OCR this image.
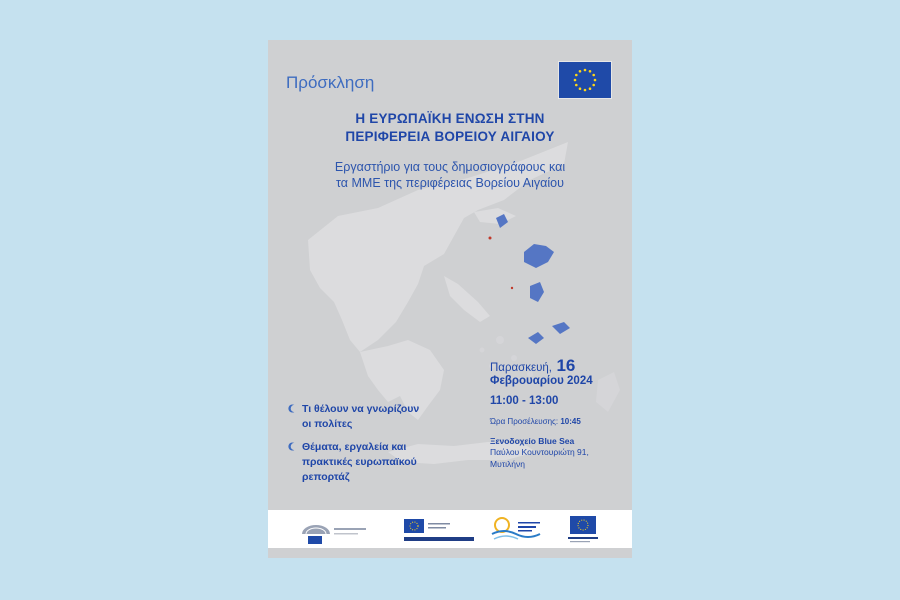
Πρόσκληση
Η ΕΥΡΩΠΑΪΚΗ ΕΝΩΣΗ ΣΤΗΝ
ΠΕΡΙΦΕΡΕΙΑ ΒΟΡΕΙΟΥ ΑΙΓΑΙΟΥ
Εργαστήριο για τους δημοσιογράφους και
τα ΜΜΕ της περιφέρειας Βορείου Αιγαίου
Τι θέλουν να γνωρίζουν
οι πολίτες
Θέματα, εργαλεία και
πρακτικές ευρωπαϊκού
ρεπορτάζ
Παρασκευή, 16
Φεβρουαρίου 2024
11:00 - 13:00
Ώρα Προσέλευσης: 10:45
Ξενοδοχείο Blue Sea
Παύλου Κουντουριώτη 91,
Μυτιλήνη
